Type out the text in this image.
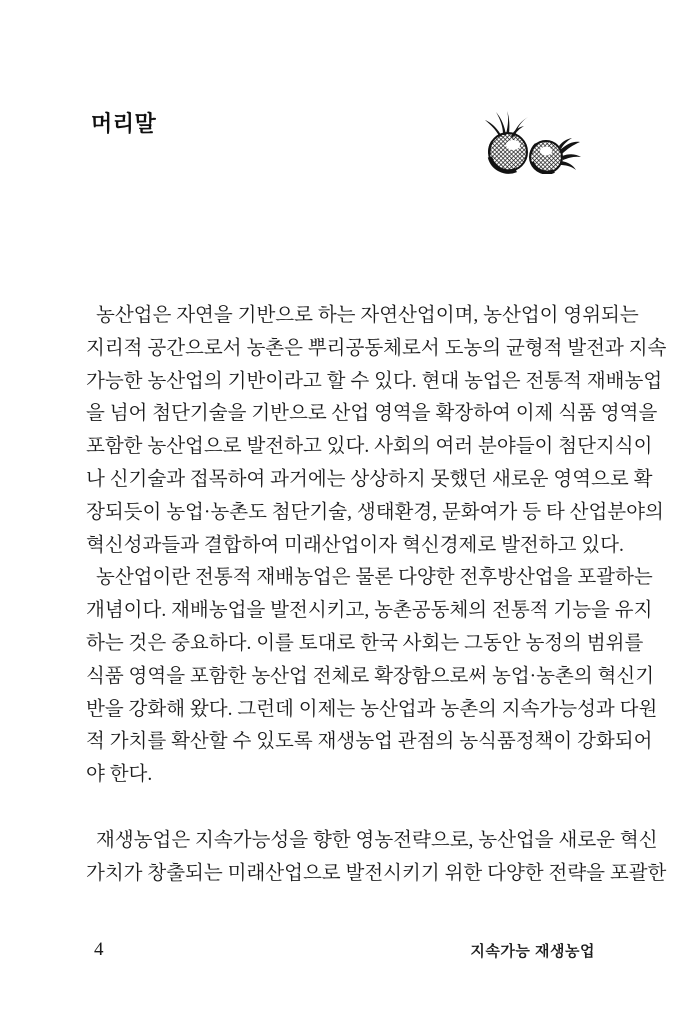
머리말
농산업은 자연을 기반으로 하는 자연산업이며, 농산업이 영위되는
지리적 공간으로서 농촌은 뿌리공동체로서 도농의 균형적 발전과 지속
가능한 농산업의 기반이라고 할 수 있다. 현대 농업은 전통적 재배농업
을 넘어 첨단기술을 기반으로 산업 영역을 확장하여 이제 식품 영역을
포함한 농산업으로 발전하고 있다. 사회의 여러 분야들이 첨단지식이
나 신기술과 접목하여 과거에는 상상하지 못했던 새로운 영역으로 확
장되듯이 농업·농촌도 첨단기술, 생태환경, 문화여가 등 타 산업분야의
혁신성과들과 결합하여 미래산업이자 혁신경제로 발전하고 있다.
농산업이란 전통적 재배농업은 물론 다양한 전후방산업을 포괄하는
개념이다. 재배농업을 발전시키고, 농촌공동체의 전통적 기능을 유지
하는 것은 중요하다. 이를 토대로 한국 사회는 그동안 농정의 범위를
식품 영역을 포함한 농산업 전체로 확장함으로써 농업·농촌의 혁신기
반을 강화해 왔다. 그런데 이제는 농산업과 농촌의 지속가능성과 다원
적 가치를 확산할 수 있도록 재생농업 관점의 농식품정책이 강화되어
야 한다.
재생농업은 지속가능성을 향한 영농전략으로, 농산업을 새로운 혁신
가치가 창출되는 미래산업으로 발전시키기 위한 다양한 전략을 포괄한
4	지속가능 재생농업
